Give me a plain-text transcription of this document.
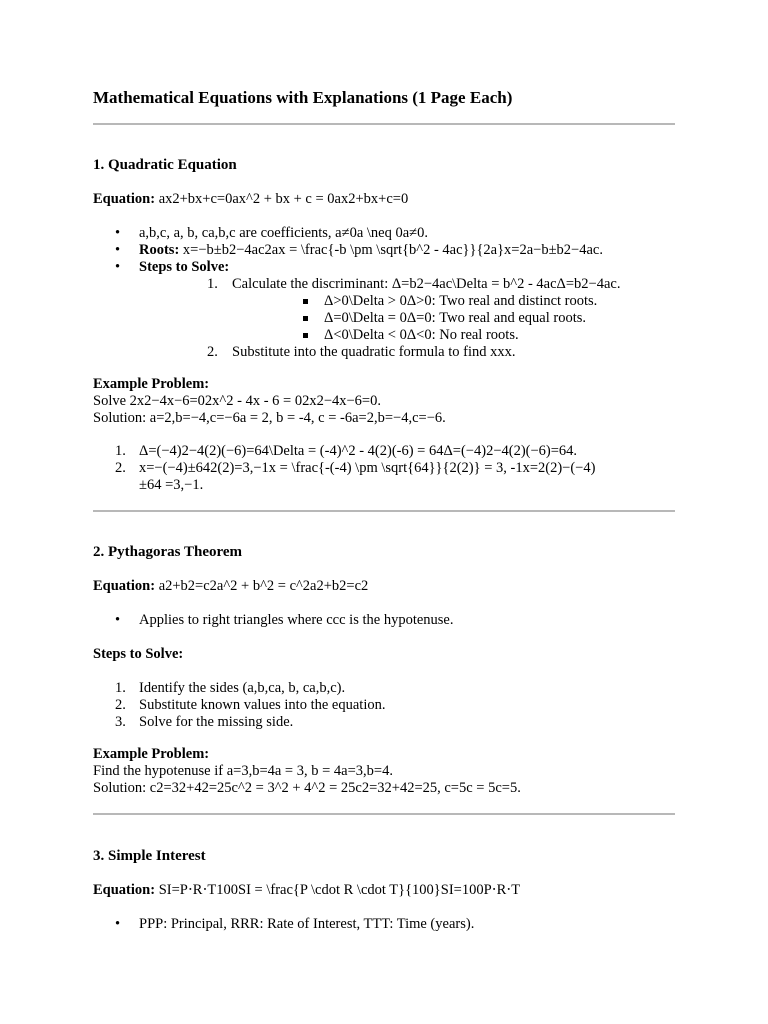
Mathematical Equations with Explanations (1 Page Each)
1. Quadratic Equation

Equation: ax2+bx+c=0ax^2 + bx + c = 0ax2+bx+c=0

• a,b,c, a, b, ca,b,c are coefficients, a≠0a \neq 0a≠0.
• Roots: x=−b±b2−4ac2ax = \frac{-b \pm \sqrt{b^2 - 4ac}}{2a}x=2a−b±b2−4ac.
• Steps to Solve:
1. Calculate the discriminant: Δ=b2−4ac\Delta = b^2 - 4acΔ=b2−4ac.
Δ>0\Delta > 0Δ>0: Two real and distinct roots.
Δ=0\Delta = 0Δ=0: Two real and equal roots.
Δ<0\Delta < 0Δ<0: No real roots.
2. Substitute into the quadratic formula to find xxx.

Example Problem:

Solve 2x2−4x−6=02x^2 - 4x - 6 = 02x2−4x−6=0.

Solution: a=2,b=−4,c=−6a = 2, b = -4, c = -6a=2,b=−4,c=−6.

1. Δ=(−4)2−4(2)(−6)=64\Delta = (-4)^2 - 4(2)(-6) = 64Δ=(−4)2−4(2)(−6)=64.
2. x=−(−4)±642(2)=3,−1x = \frac{-(-4) \pm \sqrt{64}}{2(2)} = 3, -1x=2(2)−(−4)±64 =3,−1.
2. Pythagoras Theorem

Equation: a2+b2=c2a^2 + b^2 = c^2a2+b2=c2

• Applies to right triangles where ccc is the hypotenuse.

Steps to Solve:

1. Identify the sides (a,b,ca, b, ca,b,c).
2. Substitute known values into the equation.
3. Solve for the missing side.

Example Problem:

Find the hypotenuse if a=3,b=4a = 3, b = 4a=3,b=4.

Solution: c2=32+42=25c^2 = 3^2 + 4^2 = 25c2=32+42=25, c=5c = 5c=5.

3. Simple Interest

Equation: SI=P⋅R⋅T100SI = \frac{P \cdot R \cdot T}{100}SI=100P⋅R⋅T

• PPP: Principal, RRR: Rate of Interest, TTT: Time (years).
